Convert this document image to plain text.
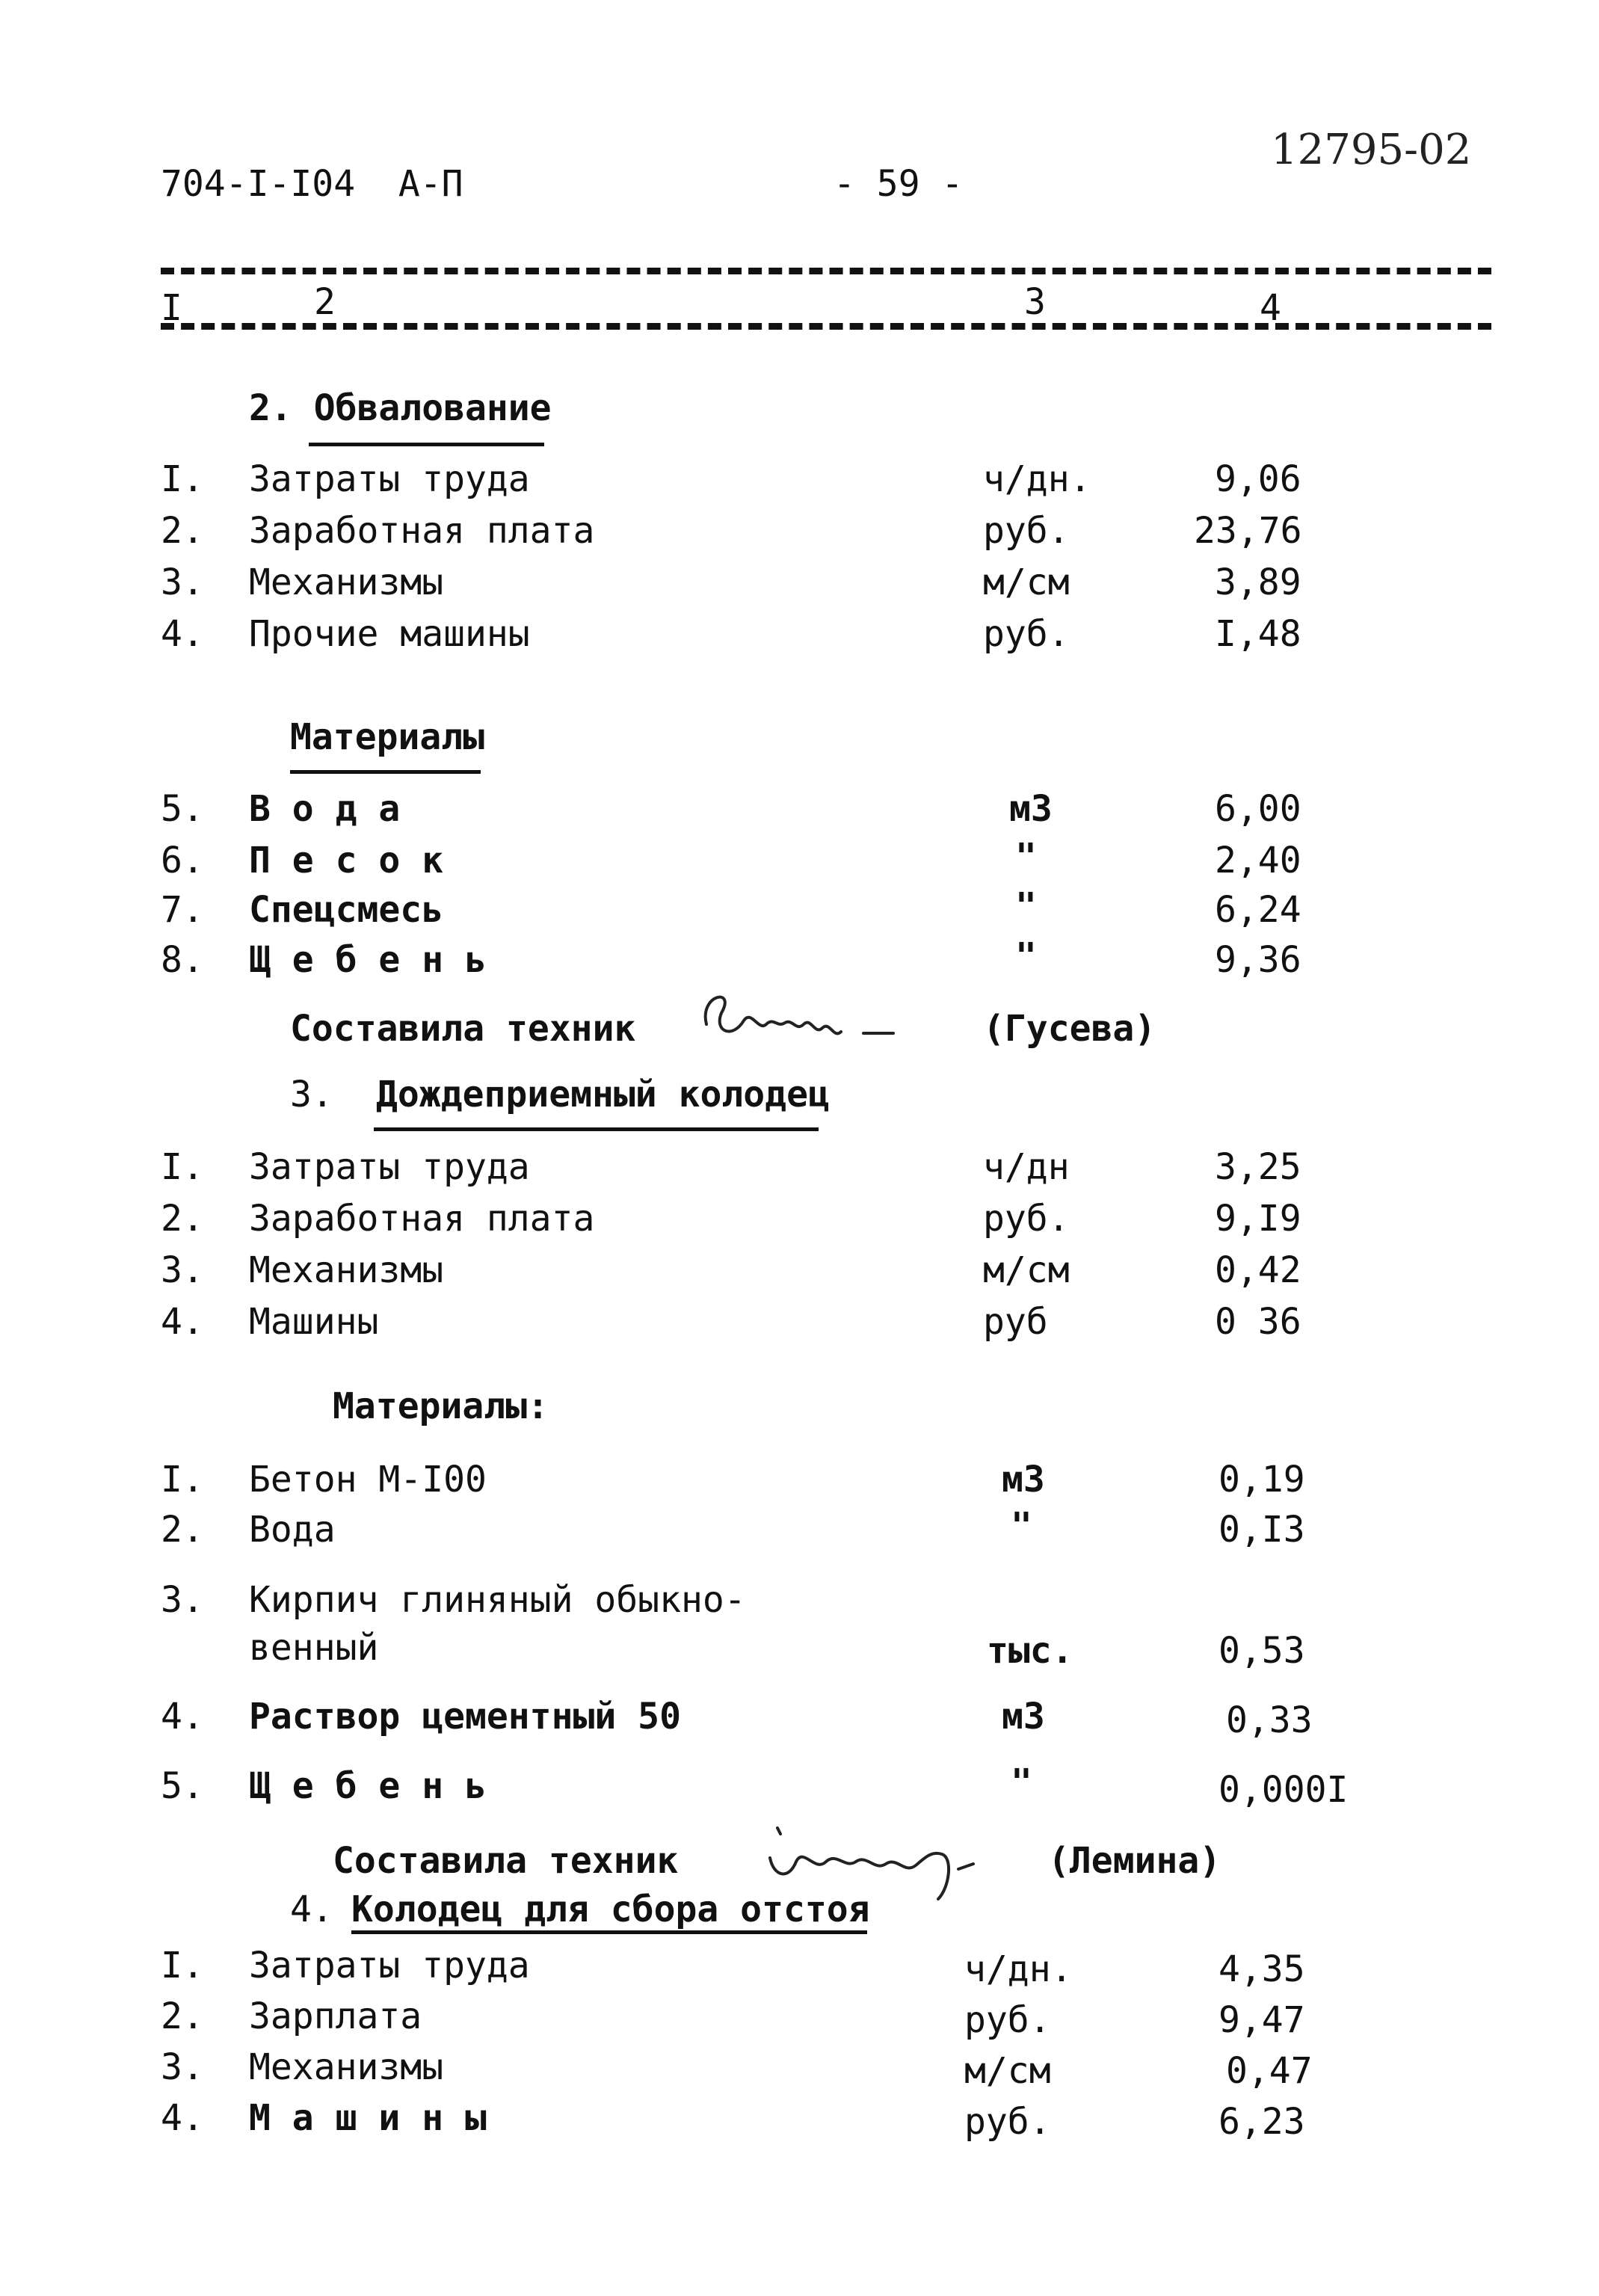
704-I-I04  А-П	- 59 -
12795-02
I	2	3	4
2. Обвалование
I. Затраты труда	ч/дн.	9,06
2. Заработная плата	руб.	23,76
3. Механизмы	м/см	3,89
4. Прочие машины	руб.	I,48
Материалы
5. В о д а	м3	6,00
6. П е с о к	"	2,40
7. Спецсмесь	"	6,24
8. Щ е б е н ь	"	9,36
Составила техник	(Гусева)
3. Дождеприемный колодец
I. Затраты труда	ч/дн	3,25
2. Заработная плата	руб.	9,I9
3. Механизмы	м/см	0,42
4. Машины	руб	0 36
Материалы:
I. Бетон М-I00	м3	0,19
2. Вода	"	0,I3
3. Кирпич глиняный обыкно-
венный	тыс.	0,53
4. Раствор цементный 50	м3	0,33
5. Щ е б е н ь	"	0,000I
Составила техник	(Лемина)
4. Колодец для сбора отстоя
I. Затраты труда	ч/дн.	4,35
2. Зарплата	руб.	9,47
3. Механизмы	м/см	0,47
4. М а ш и н ы	руб.	6,23
